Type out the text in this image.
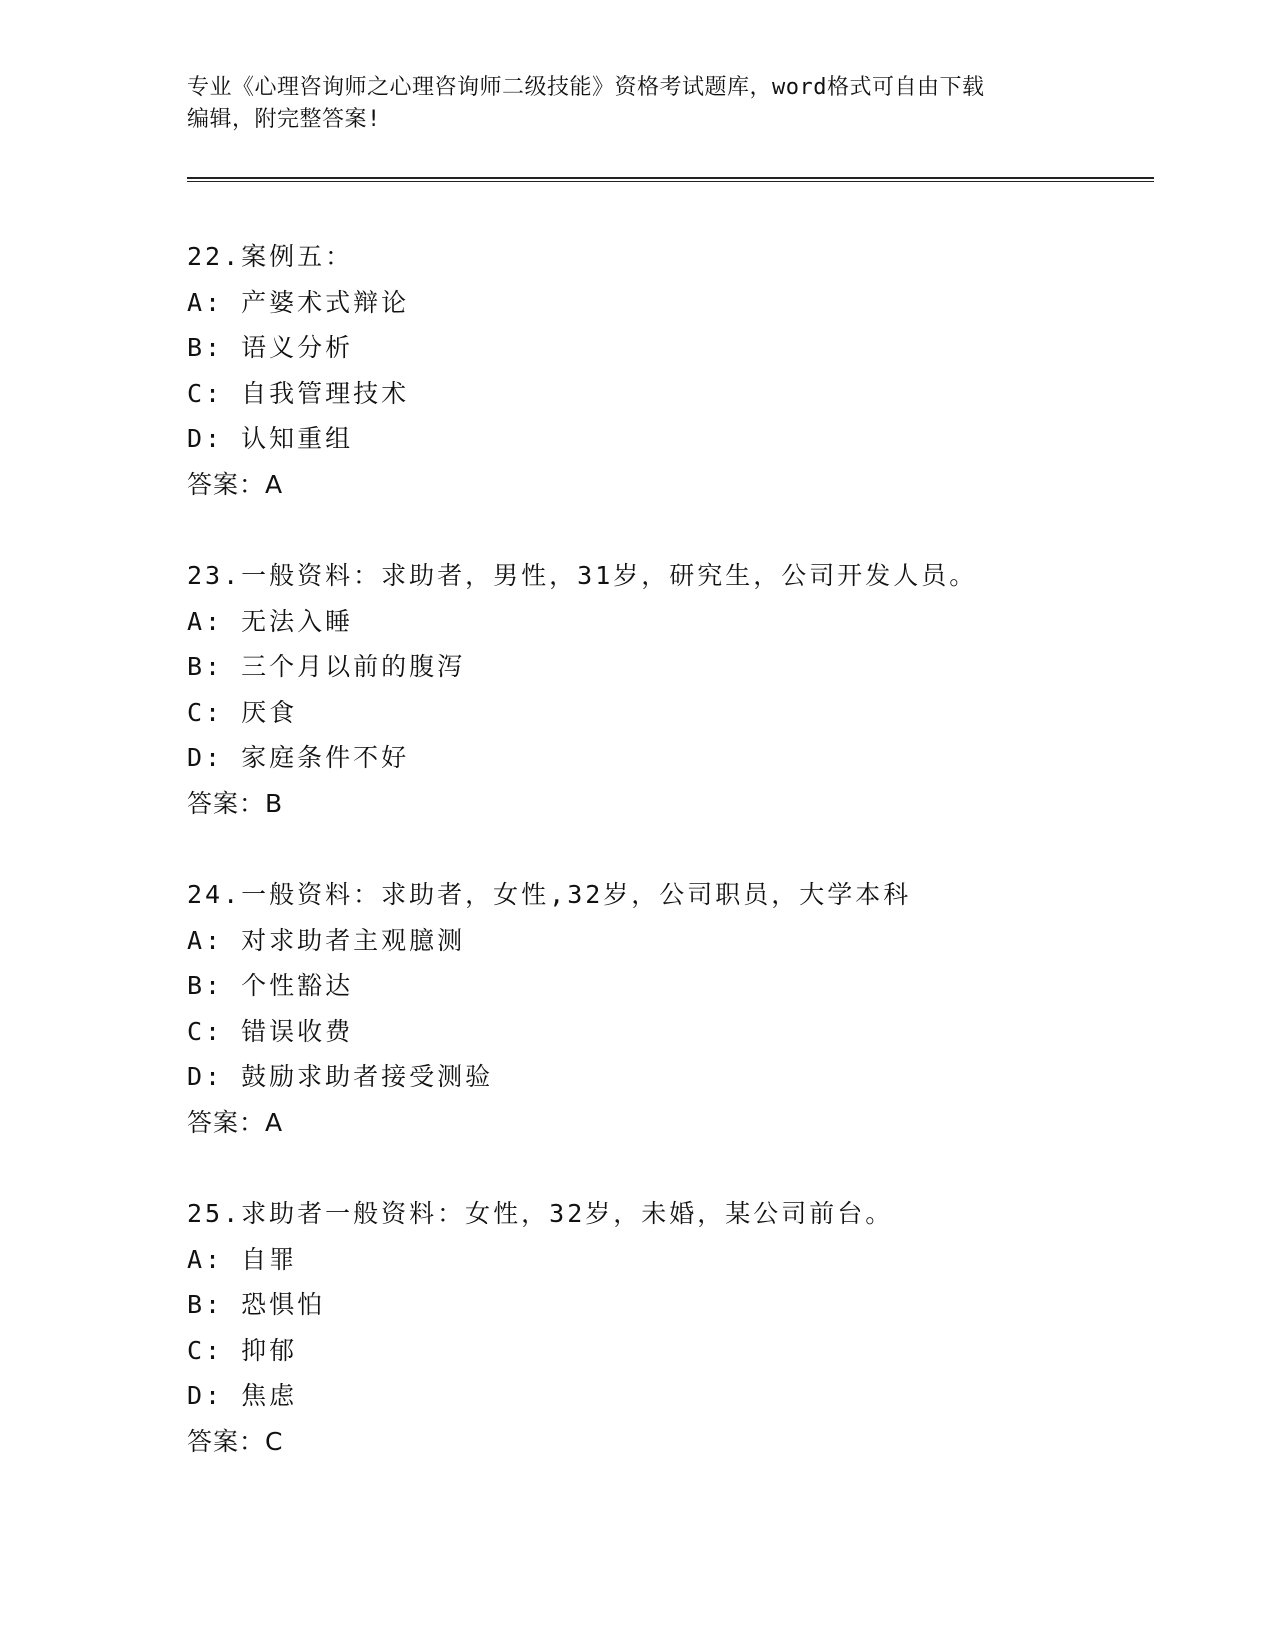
专业《心理咨询师之心理咨询师二级技能》资格考试题库，word格式可自由下载
编辑，附完整答案!
22.案例五：
A: 产婆术式辩论
B: 语义分析
C: 自我管理技术
D: 认知重组
答案：A
23.一般资料：求助者，男性，31岁，研究生，公司开发人员。
A: 无法入睡
B: 三个月以前的腹泻
C: 厌食
D: 家庭条件不好
答案：B
24.一般资料：求助者，女性,32岁，公司职员，大学本科
A: 对求助者主观臆测
B: 个性豁达
C: 错误收费
D: 鼓励求助者接受测验
答案：A
25.求助者一般资料：女性，32岁，未婚，某公司前台。
A: 自罪
B: 恐惧怕
C: 抑郁
D: 焦虑
答案：C
